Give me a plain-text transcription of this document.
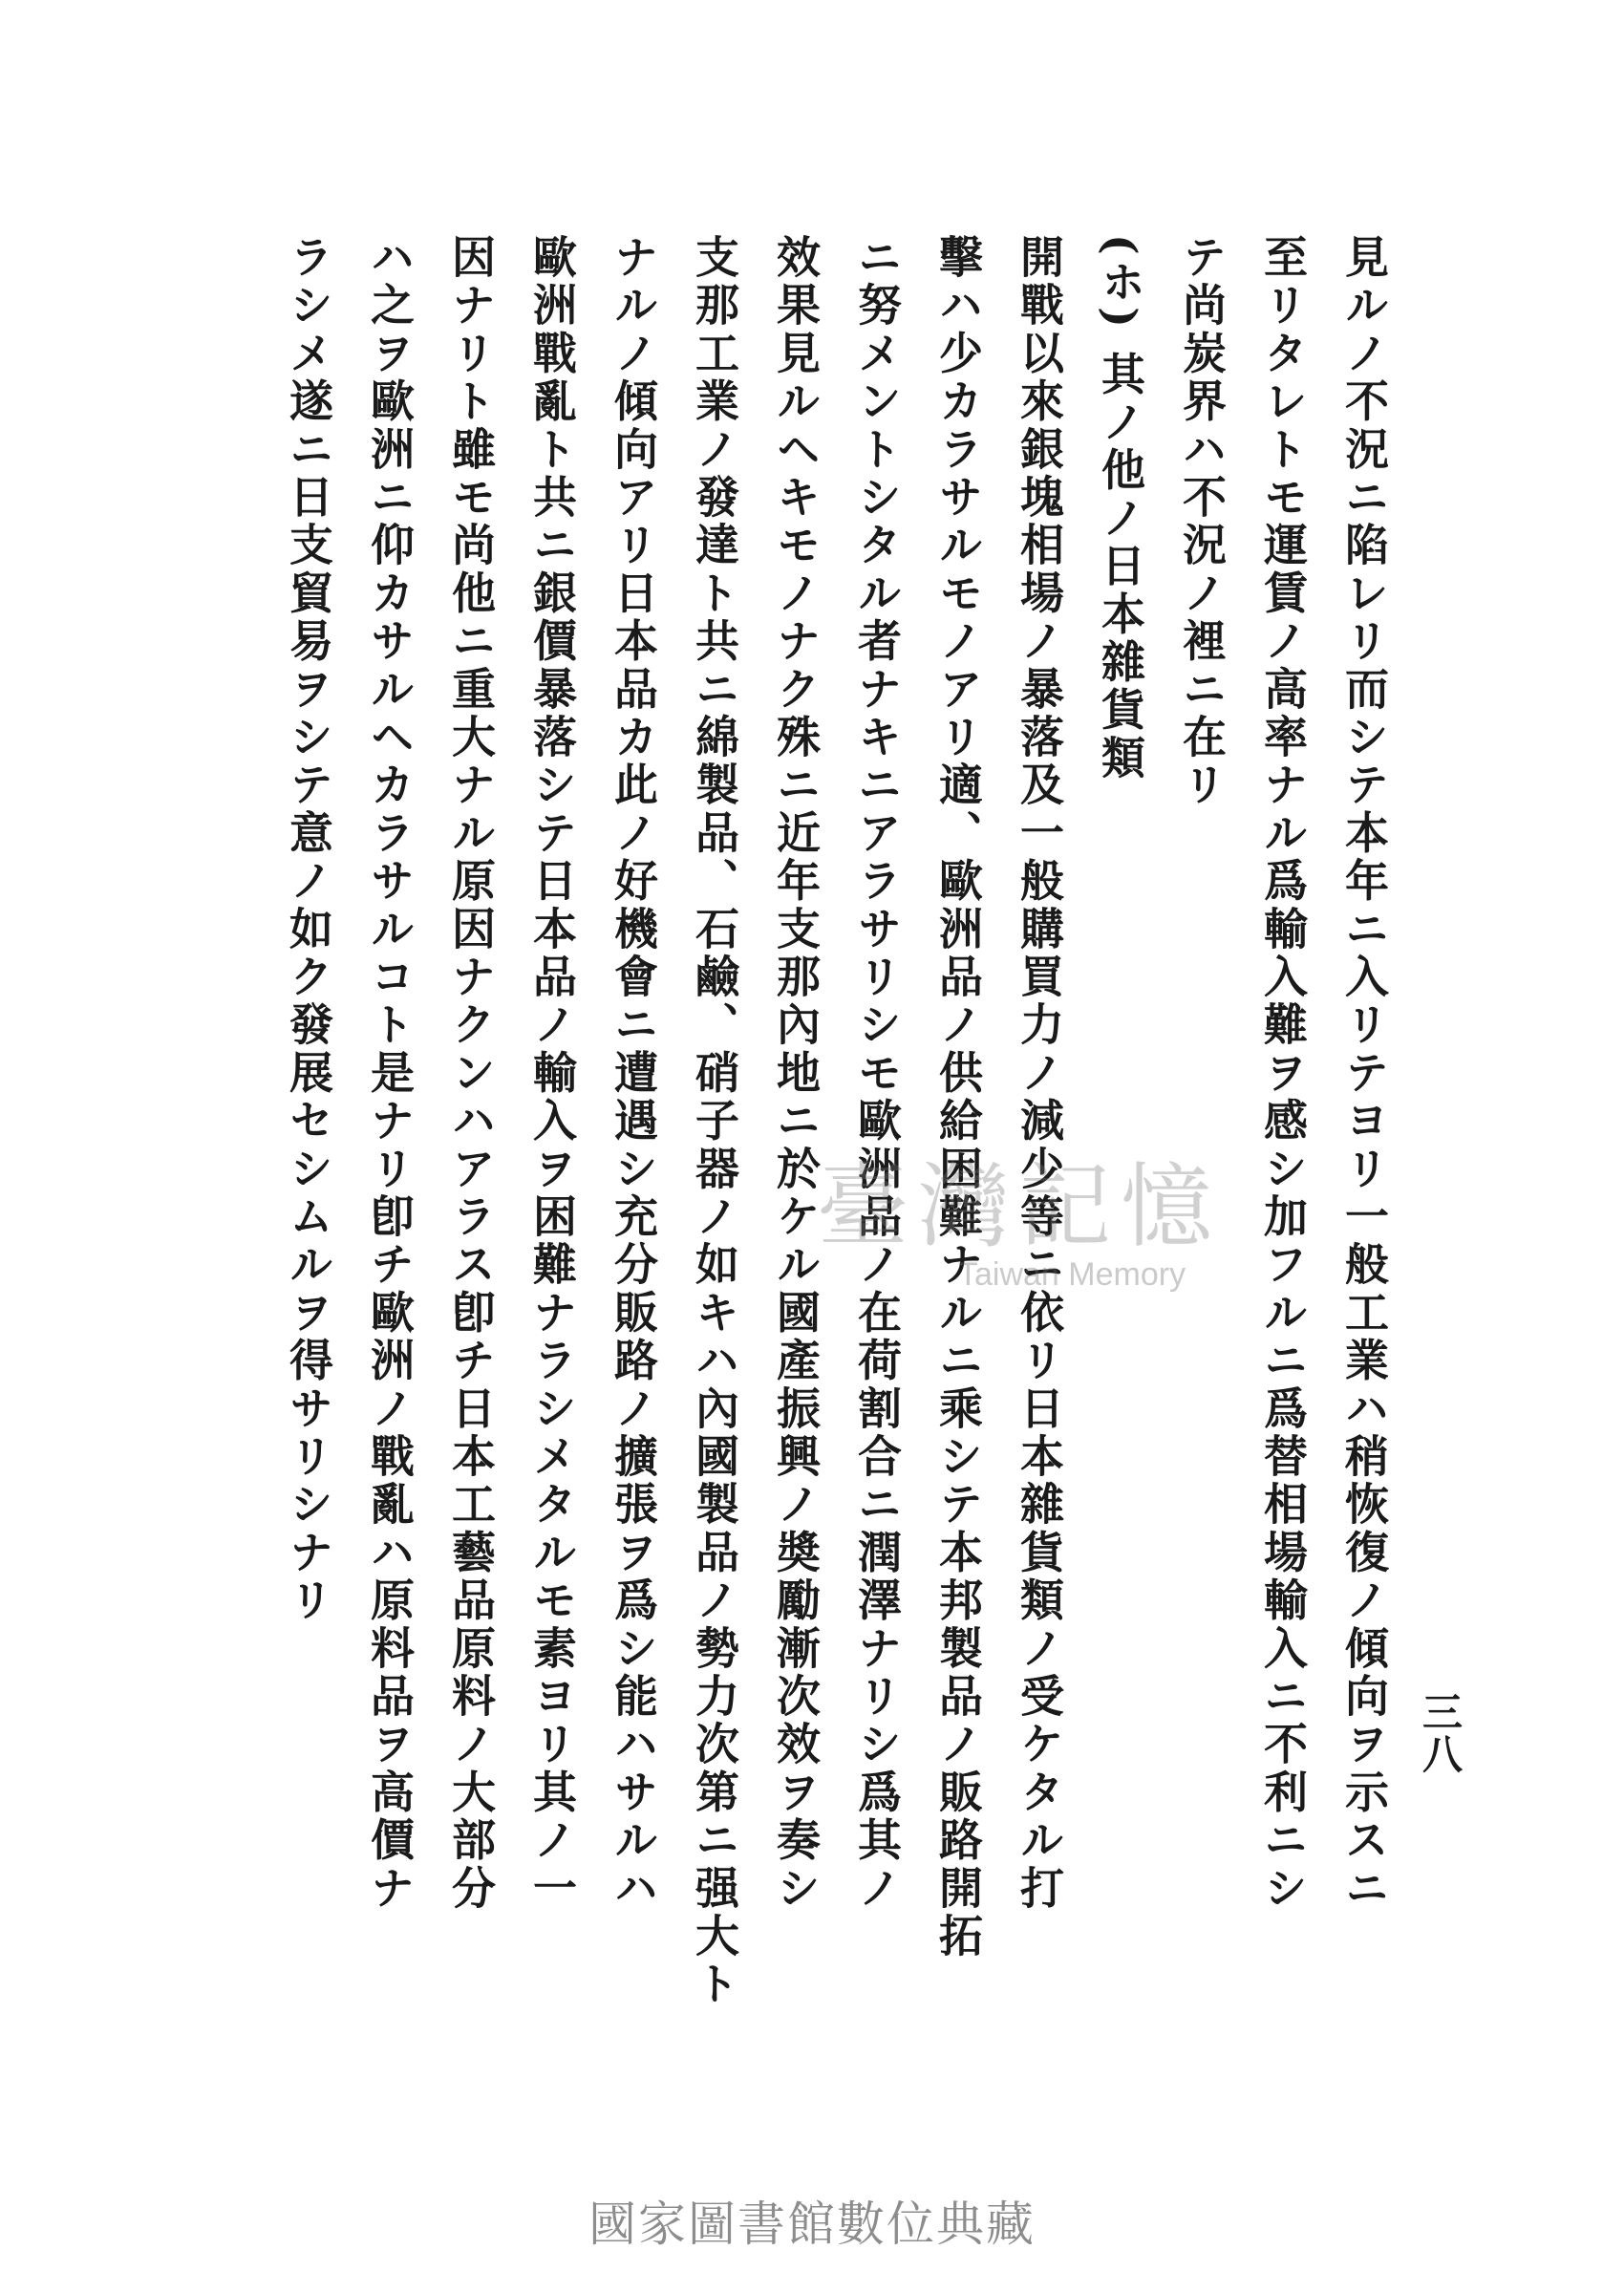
三八
見ルノ不況ニ陷レリ而シテ本年ニ入リテヨリ一般工業ハ稍恢復ノ傾向ヲ示スニ
至リタレトモ運賃ノ高率ナル爲輸入難ヲ感シ加フルニ爲替相場輸入ニ不利ニシ
テ尚炭界ハ不況ノ裡ニ在リ
(ホ) 其ノ他ノ日本雜貨類
開戰以來銀塊相場ノ暴落及一般購買力ノ減少等ニ依リ日本雜貨類ノ受ケタル打
擊ハ少カラサルモノアリ適、歐洲品ノ供給困難ナルニ乘シテ本邦製品ノ販路開拓
ニ努メントシタル者ナキニアラサリシモ歐洲品ノ在荷割合ニ潤澤ナリシ爲其ノ
效果見ルヘキモノナク殊ニ近年支那內地ニ於ケル國產振興ノ奬勵漸次效ヲ奏シ
支那工業ノ發達ト共ニ綿製品、石鹼、硝子器ノ如キハ內國製品ノ勢力次第ニ强大ト
ナルノ傾向アリ日本品カ此ノ好機會ニ遭遇シ充分販路ノ擴張ヲ爲シ能ハサルハ
歐洲戰亂ト共ニ銀價暴落シテ日本品ノ輸入ヲ困難ナラシメタルモ素ヨリ其ノ一
因ナリト雖モ尚他ニ重大ナル原因ナクンハアラス卽チ日本工藝品原料ノ大部分
ハ之ヲ歐洲ニ仰カサルヘカラサルコト是ナリ卽チ歐洲ノ戰亂ハ原料品ヲ高價ナ
ラシメ遂ニ日支貿易ヲシテ意ノ如ク發展セシムルヲ得サリシナリ	臺灣記憶
Taiwan Memory
國家圖書館數位典藏
